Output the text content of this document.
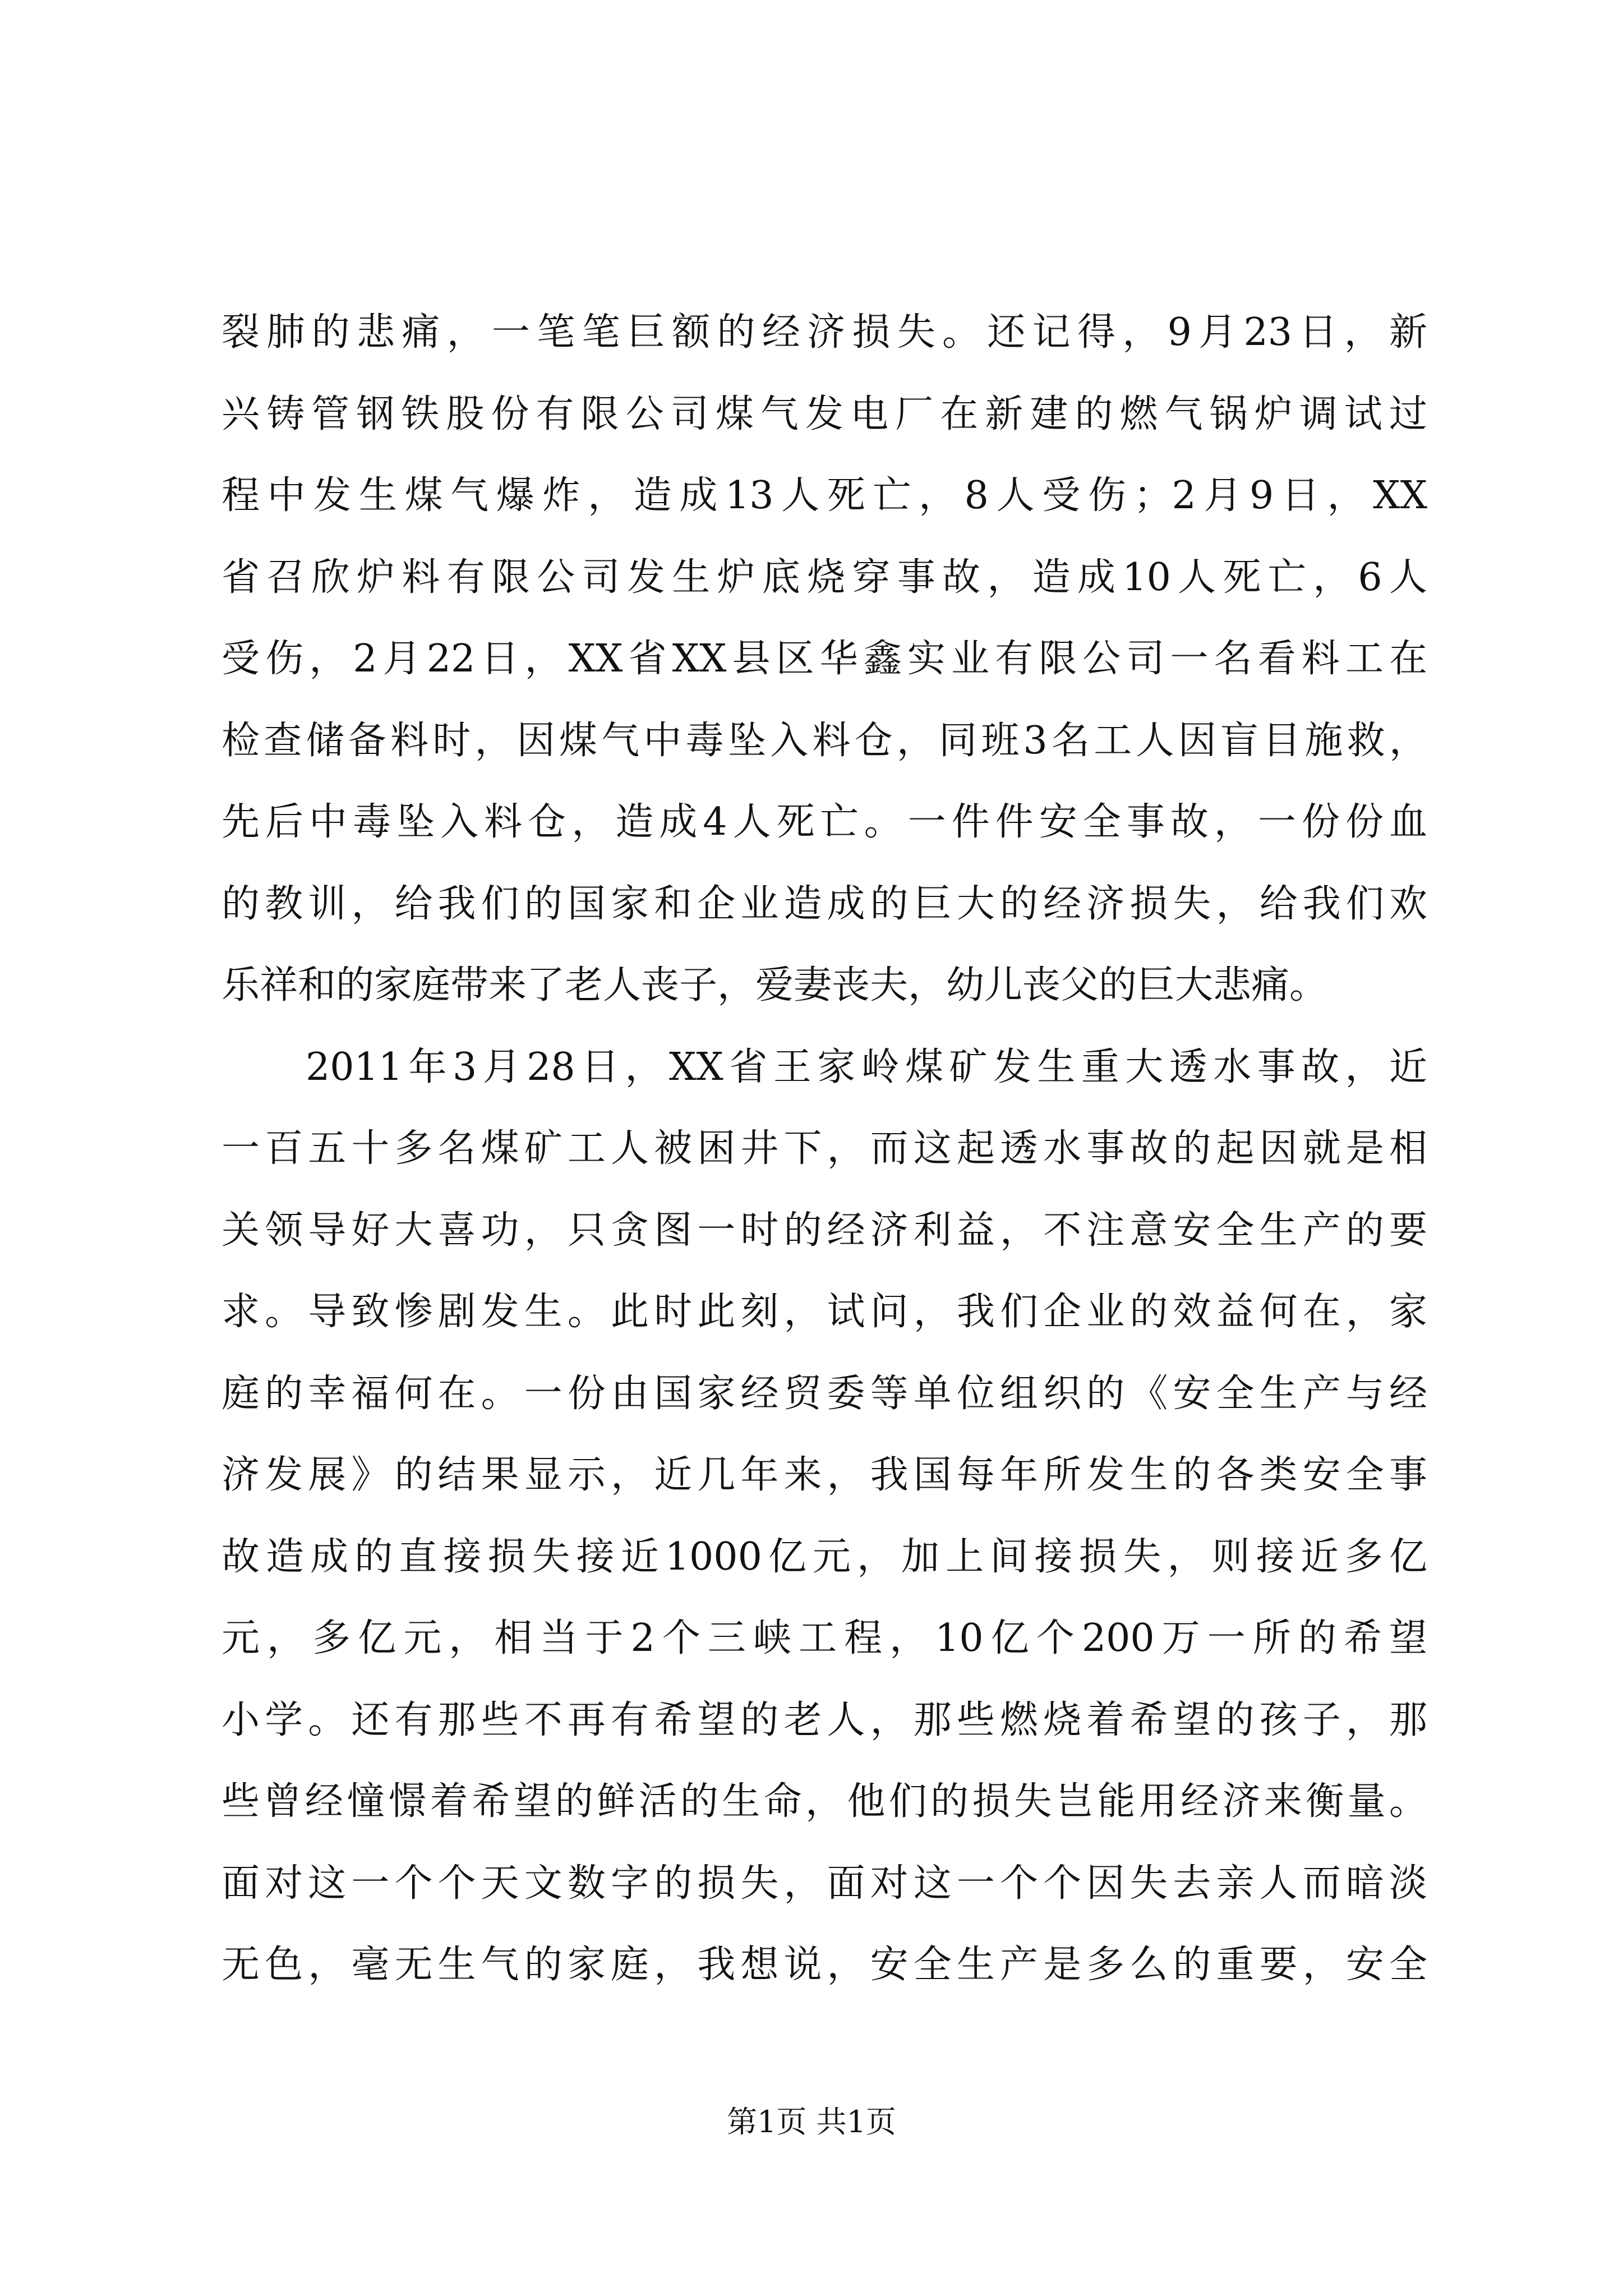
裂肺的悲痛，一笔笔巨额的经济损失。还记得，9月23日，新
兴铸管钢铁股份有限公司煤气发电厂在新建的燃气锅炉调试过
程中发生煤气爆炸，造成13人死亡，8人受伤；2月9日，XX
省召欣炉料有限公司发生炉底烧穿事故，造成10人死亡，6人
受伤，2月22日，XX省XX县区华鑫实业有限公司一名看料工在
检查储备料时，因煤气中毒坠入料仓，同班3名工人因盲目施救，
先后中毒坠入料仓，造成4人死亡。一件件安全事故，一份份血
的教训，给我们的国家和企业造成的巨大的经济损失，给我们欢
乐祥和的家庭带来了老人丧子，爱妻丧夫，幼儿丧父的巨大悲痛。
2011年3月28日，XX省王家岭煤矿发生重大透水事故，近
一百五十多名煤矿工人被困井下，而这起透水事故的起因就是相
关领导好大喜功，只贪图一时的经济利益，不注意安全生产的要
求。导致惨剧发生。此时此刻，试问，我们企业的效益何在，家
庭的幸福何在。一份由国家经贸委等单位组织的《安全生产与经
济发展》的结果显示，近几年来，我国每年所发生的各类安全事
故造成的直接损失接近1000亿元，加上间接损失，则接近多亿
元，多亿元，相当于2个三峡工程，10亿个200万一所的希望
小学。还有那些不再有希望的老人，那些燃烧着希望的孩子，那
些曾经憧憬着希望的鲜活的生命，他们的损失岂能用经济来衡量。
面对这一个个天文数字的损失，面对这一个个因失去亲人而暗淡
无色，毫无生气的家庭，我想说，安全生产是多么的重要，安全
第1页 共1页
